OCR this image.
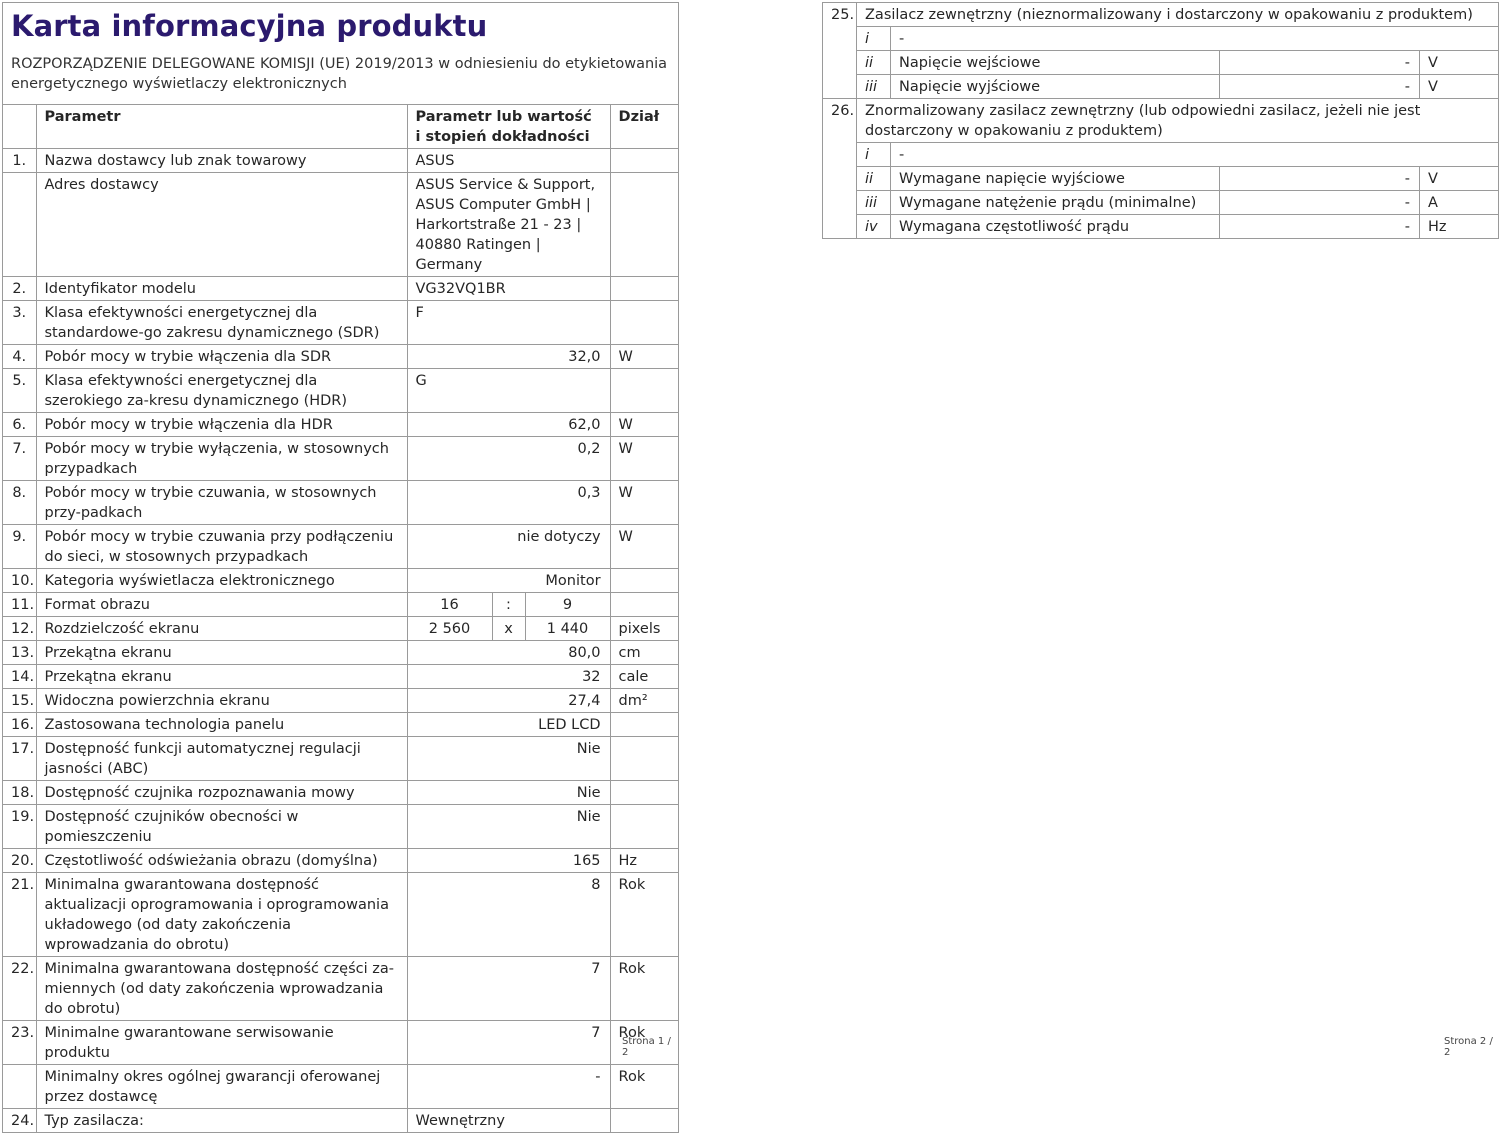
Karta informacyjna produktu
ROZPORZĄDZENIE DELEGOWANE KOMISJI (UE) 2019/2013 w odniesieniu do etykietowania energetycznego wyświetlaczy elektronicznych
	Parametr	Parametr lub wartość i stopień dokładności			Dział
1.	Nazwa dostawcy lub znak towarowy	ASUS			
	Adres dostawcy	ASUS Service & Support, ASUS Computer GmbH | Harkortstraße 21 - 23 | 40880 Ratingen | Germany			
2.	Identyfikator modelu	VG32VQ1BR			
3.	Klasa efektywności energetycznej dla standardowe-go zakresu dynamicznego (SDR)	F			
4.	Pobór mocy w trybie włączenia dla SDR	32,0			W
5.	Klasa efektywności energetycznej dla szerokiego za-kresu dynamicznego (HDR)	G			
6.	Pobór mocy w trybie włączenia dla HDR	62,0			W
7.	Pobór mocy w trybie wyłączenia, w stosownych przypadkach	0,2			W
8.	Pobór mocy w trybie czuwania, w stosownych przy-padkach	0,3			W
9.	Pobór mocy w trybie czuwania przy podłączeniu do sieci, w stosownych przypadkach	nie dotyczy			W
10.	Kategoria wyświetlacza elektronicznego	Monitor			
11.	Format obrazu	16	:	9	
12.	Rozdzielczość ekranu	2 560	x	1 440	pixels
13.	Przekątna ekranu	80,0			cm
14.	Przekątna ekranu	32			cale
15.	Widoczna powierzchnia ekranu	27,4			dm²
16.	Zastosowana technologia panelu	LED LCD			
17.	Dostępność funkcji automatycznej regulacji jasności (ABC)	Nie			
18.	Dostępność czujnika rozpoznawania mowy	Nie			
19.	Dostępność czujników obecności w pomieszczeniu	Nie			
20.	Częstotliwość odświeżania obrazu (domyślna)	165			Hz
21.	Minimalna gwarantowana dostępność aktualizacji oprogramowania i oprogramowania układowego (od daty zakończenia wprowadzania do obrotu)	8			Rok
22.	Minimalna gwarantowana dostępność części za-miennych (od daty zakończenia wprowadzania do obrotu)	7			Rok
23.	Minimalne gwarantowane serwisowanie produktu	7			Rok
	Minimalny okres ogólnej gwarancji oferowanej przez dostawcę	-			Rok
24.	Typ zasilacza:	Wewnętrzny			
Strona 1 / 2
25.	Zasilacz zewnętrzny (nieznormalizowany i dostarczony w opakowaniu z produktem)			
	i	-		
	ii	Napięcie wejściowe	-	V
	iii	Napięcie wyjściowe	-	V
26.	Znormalizowany zasilacz zewnętrzny (lub odpowiedni zasilacz, jeżeli nie jest dostarczony w opakowaniu z produktem)			
	i	-		
	ii	Wymagane napięcie wyjściowe	-	V
	iii	Wymagane natężenie prądu (minimalne)	-	A
	iv	Wymagana częstotliwość prądu	-	Hz
Strona 2 / 2
